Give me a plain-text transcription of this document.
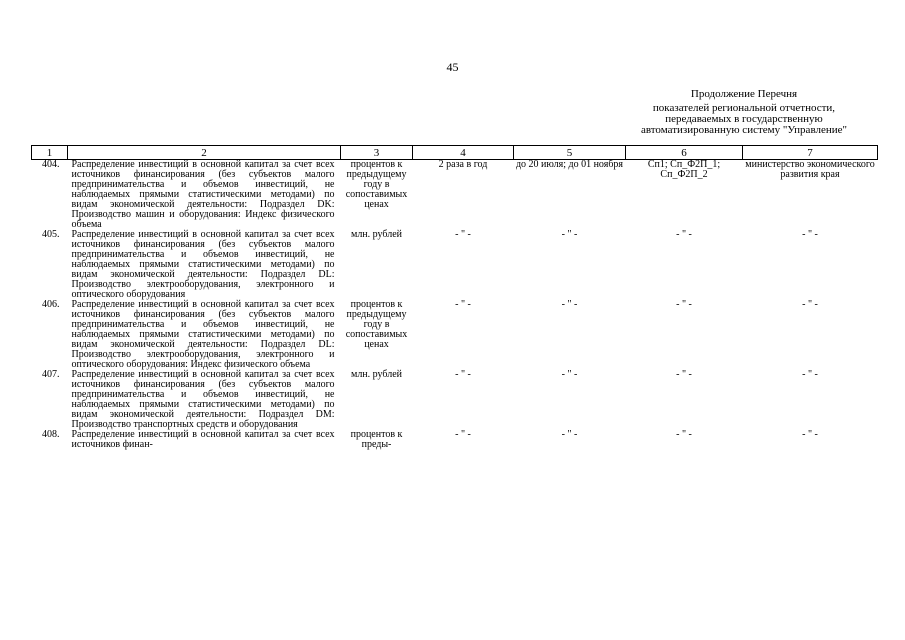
45
Продолжение Перечня
показателей региональной отчетности,
передаваемых в государственную
автоматизированную систему "Управление"
1	2	3	4	5	6	7
404.	Распределение инвестиций в основной капитал за счет всех источников финансирования (без субъектов малого предпринимательства и объемов инвестиций, не наблюдаемых прямыми статистическими методами) по видам экономической деятельности: Подраздел DK: Производство машин и оборудования: Индекс физического объема	процентов к предыдущему году в сопоставимых ценах	2 раза в год	до 20 июля; до 01 ноября	Сп1; Сп_Ф2П_1; Сп_Ф2П_2	министерство экономического развития края
405.	Распределение инвестиций в основной капитал за счет всех источников финансирования (без субъектов малого предпринимательства и объемов инвестиций, не наблюдаемых прямыми статистическими методами) по видам экономической деятельности: Подраздел DL: Производство электрооборудования, электронного и оптического оборудования	млн. рублей	- " -	- " -	- " -	- " -
406.	Распределение инвестиций в основной капитал за счет всех источников финансирования (без субъектов малого предпринимательства и объемов инвестиций, не наблюдаемых прямыми статистическими методами) по видам экономической деятельности: Подраздел DL: Производство электрооборудования, электронного и оптического оборудования: Индекс физического объема	процентов к предыдущему году в сопоставимых ценах	- " -	- " -	- " -	- " -
407.	Распределение инвестиций в основной капитал за счет всех источников финансирования (без субъектов малого предпринимательства и объемов инвестиций, не наблюдаемых прямыми статистическими методами) по видам экономической деятельности: Подраздел DM: Производство транспортных средств и оборудования	млн. рублей	- " -	- " -	- " -	- " -
408.	Распределение инвестиций в основной капитал за счет всех источников финан-	процентов к преды-	- " -	- " -	- " -	- " -
